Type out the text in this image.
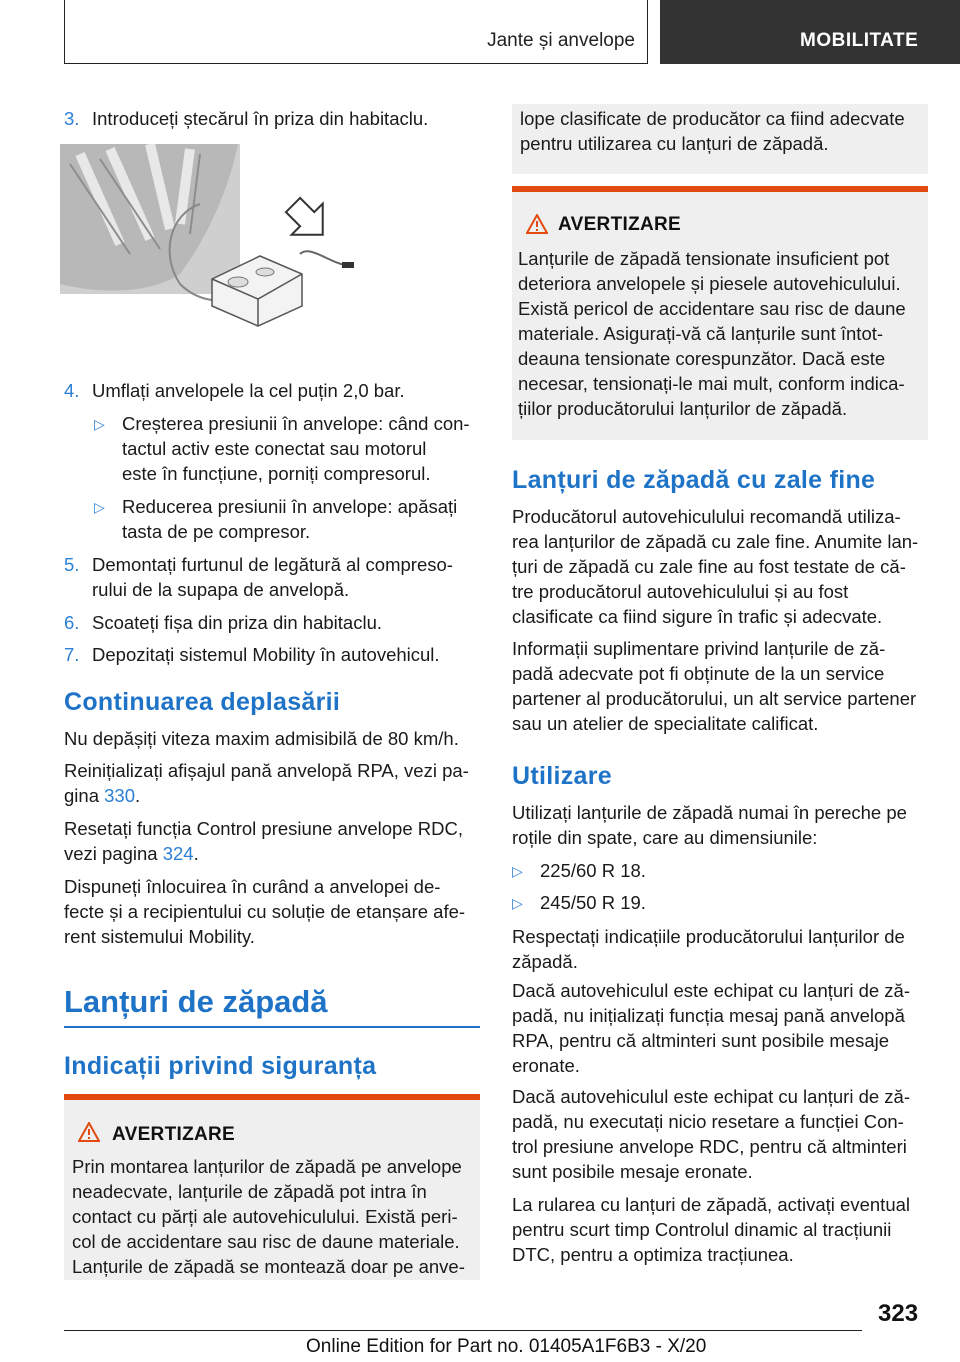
Jante și anvelope	MOBILITATE
3. Introduceți ștecărul în priza din habitaclu.
4. Umflați anvelopele la cel puțin 2,0 bar.
▷ Creșterea presiunii în anvelope: când con-
tactul activ este conectat sau motorul
este în funcțiune, porniți compresorul.
▷ Reducerea presiunii în anvelope: apăsați
tasta de pe compresor.
5. Demontați furtunul de legătură al compreso-
rului de la supapa de anvelopă.
6. Scoateți fișa din priza din habitaclu.
7. Depozitați sistemul Mobility în autovehicul.
Continuarea deplasării
Nu depășiți viteza maxim admisibilă de 80 km/h.
Reinițializați afișajul pană anvelopă RPA, vezi pa-
gina 330.
Resetați funcția Control presiune anvelope RDC,
vezi pagina 324.
Dispuneți înlocuirea în curând a anvelopei de-
fecte și a recipientului cu soluție de etanșare afe-
rent sistemului Mobility.
Lanțuri de zăpadă
Indicații privind siguranța
AVERTIZARE
Prin montarea lanțurilor de zăpadă pe anvelope
neadecvate, lanțurile de zăpadă pot intra în
contact cu părți ale autovehiculului. Există peri-
col de accidentare sau risc de daune materiale.
Lanțurile de zăpadă se montează doar pe anve-
lope clasificate de producător ca fiind adecvate
pentru utilizarea cu lanțuri de zăpadă.
AVERTIZARE
Lanțurile de zăpadă tensionate insuficient pot
deteriora anvelopele și piesele autovehiculului.
Există pericol de accidentare sau risc de daune
materiale. Asigurați-vă că lanțurile sunt întot-
deauna tensionate corespunzător. Dacă este
necesar, tensionați-le mai mult, conform indica-
țiilor producătorului lanțurilor de zăpadă.
Lanțuri de zăpadă cu zale fine
Producătorul autovehiculului recomandă utiliza-
rea lanțurilor de zăpadă cu zale fine. Anumite lan-
țuri de zăpadă cu zale fine au fost testate de că-
tre producătorul autovehiculului și au fost
clasificate ca fiind sigure în trafic și adecvate.
Informații suplimentare privind lanțurile de ză-
padă adecvate pot fi obținute de la un service
partener al producătorului, un alt service partener
sau un atelier de specialitate calificat.
Utilizare
Utilizați lanțurile de zăpadă numai în pereche pe
roțile din spate, care au dimensiunile:
▷ 225/60 R 18.
▷ 245/50 R 19.
Respectați indicațiile producătorului lanțurilor de
zăpadă.
Dacă autovehiculul este echipat cu lanțuri de ză-
padă, nu inițializați funcția mesaj pană anvelopă
RPA, pentru că altminteri sunt posibile mesaje
eronate.
Dacă autovehiculul este echipat cu lanțuri de ză-
padă, nu executați nicio resetare a funcției Con-
trol presiune anvelope RDC, pentru că altminteri
sunt posibile mesaje eronate.
La rularea cu lanțuri de zăpadă, activați eventual
pentru scurt timp Controlul dinamic al tracțiunii
DTC, pentru a optimiza tracțiunea.
323
Online Edition for Part no. 01405A1F6B3 - X/20
